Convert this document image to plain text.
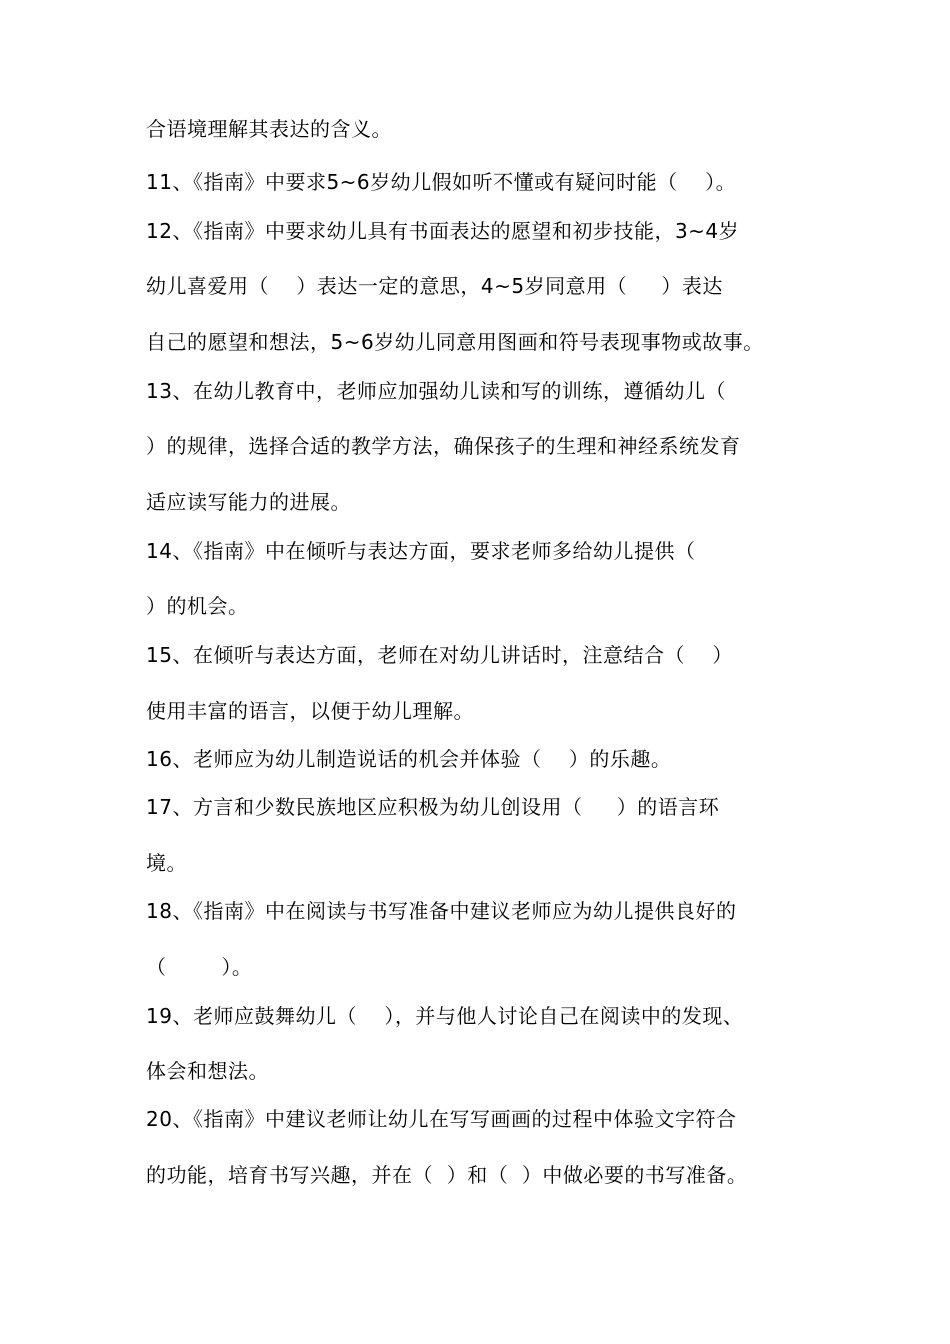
合语境理解其表达的含义。
11、《指南》中要求5~6岁幼儿假如听不懂或有疑问时能（    ）。
12、《指南》中要求幼儿具有书面表达的愿望和初步技能，3~4岁
幼儿喜爱用（    ）表达一定的意思，4~5岁同意用（     ）表达
自己的愿望和想法，5~6岁幼儿同意用图画和符号表现事物或故事。
13、在幼儿教育中，老师应加强幼儿读和写的训练，遵循幼儿（
）的规律，选择合适的教学方法，确保孩子的生理和神经系统发育
适应读写能力的进展。
14、《指南》中在倾听与表达方面，要求老师多给幼儿提供（
）的机会。
15、在倾听与表达方面，老师在对幼儿讲话时，注意结合（    ）
使用丰富的语言，以便于幼儿理解。
16、老师应为幼儿制造说话的机会并体验（    ）的乐趣。
17、方言和少数民族地区应积极为幼儿创设用（     ）的语言环
境。
18、《指南》中在阅读与书写准备中建议老师应为幼儿提供良好的
（        ）。
19、老师应鼓舞幼儿（    ），并与他人讨论自己在阅读中的发现、
体会和想法。
20、《指南》中建议老师让幼儿在写写画画的过程中体验文字符合
的功能，培育书写兴趣，并在（  ）和（  ）中做必要的书写准备。
